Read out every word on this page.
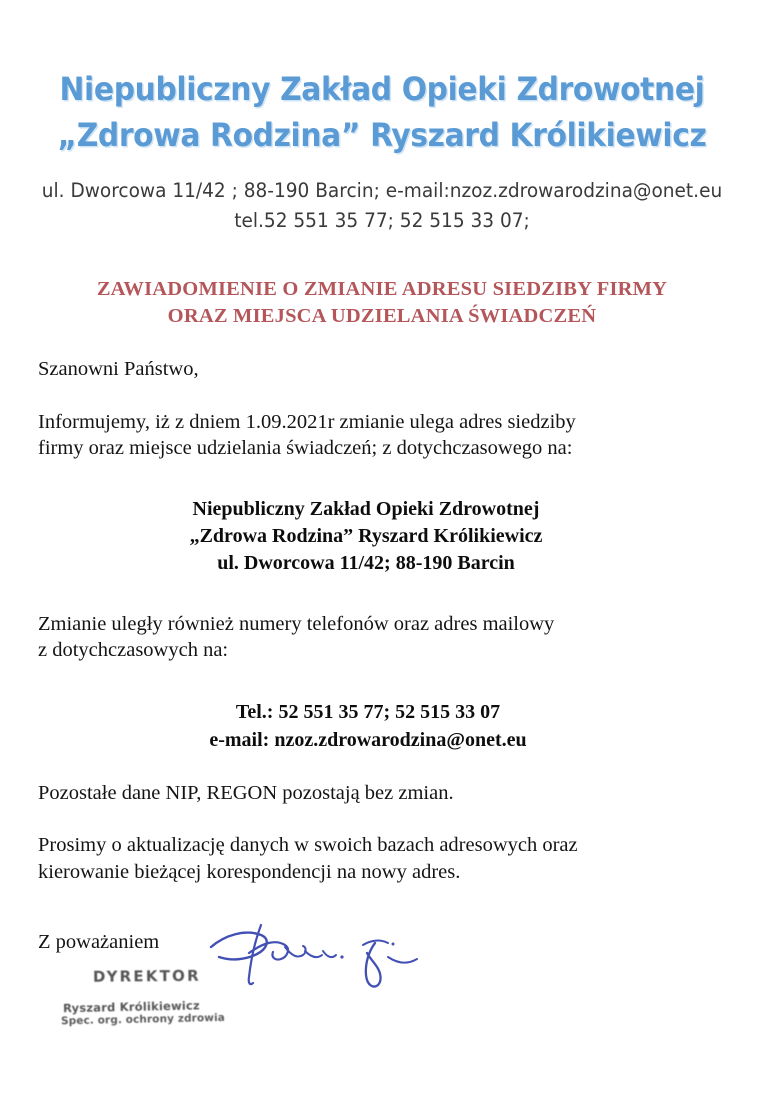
Niepubliczny Zakład Opieki Zdrowotnej
„Zdrowa Rodzina” Ryszard Królikiewicz
ul. Dworcowa 11/42 ; 88-190 Barcin; e-mail:nzoz.zdrowarodzina@onet.eu
tel.52 551 35 77; 52 515 33 07;
ZAWIADOMIENIE O ZMIANIE ADRESU SIEDZIBY FIRMY
ORAZ MIEJSCA UDZIELANIA ŚWIADCZEŃ
Szanowni Państwo,
Informujemy, iż z dniem 1.09.2021r zmianie ulega adres siedziby
firmy oraz miejsce udzielania świadczeń; z dotychczasowego na:
Niepubliczny Zakład Opieki Zdrowotnej
„Zdrowa Rodzina” Ryszard Królikiewicz
ul. Dworcowa 11/42; 88-190 Barcin
Zmianie uległy również numery telefonów oraz adres mailowy
z dotychczasowych na:
Tel.: 52 551 35 77; 52 515 33 07
e-mail: nzoz.zdrowarodzina@onet.eu
Pozostałe dane NIP, REGON pozostają bez zmian.
Prosimy o aktualizację danych w swoich bazach adresowych oraz
kierowanie bieżącej korespondencji na nowy adres.
Z poważaniem
DYREKTOR
Ryszard Królikiewicz
Spec. org. ochrony zdrowia
